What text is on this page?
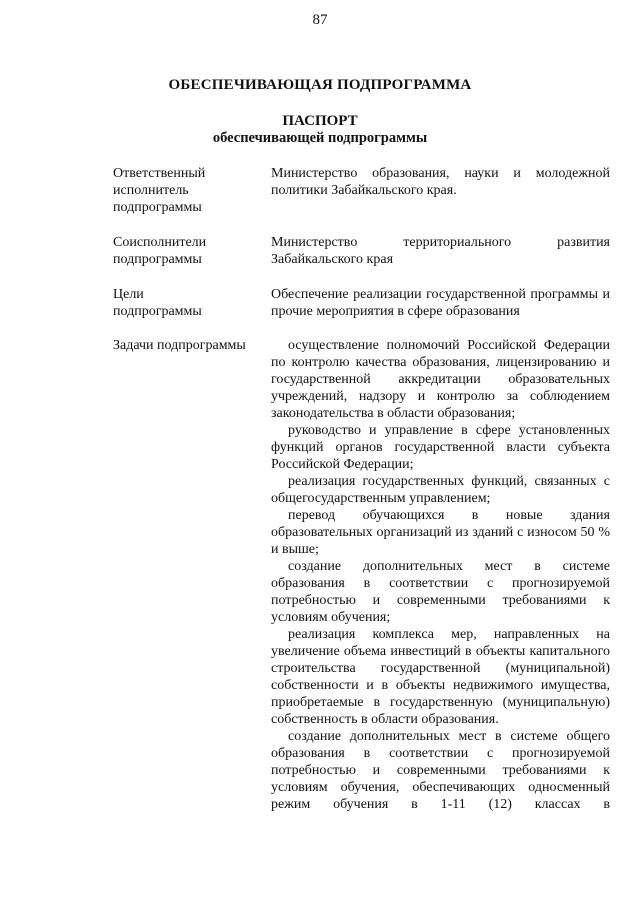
87
ОБЕСПЕЧИВАЮЩАЯ ПОДПРОГРАММА
ПАСПОРТ
обеспечивающей подпрограммы
Ответственный исполнитель подпрограммы
Министерство образования, науки и молодежной политики Забайкальского края.
Соисполнители подпрограммы
Министерство территориального развития Забайкальского края
Цели подпрограммы
Обеспечение реализации государственной программы и прочие мероприятия в сфере образования
Задачи подпрограммы	осуществление полномочий Российской Федерации по контролю качества образования, лицензированию и государственной аккредитации образовательных учреждений, надзору и контролю за соблюдением законодательства в области образования;

руководство и управление в сфере установленных функций органов государственной власти субъекта Российской Федерации;

реализация государственных функций, связанных с общегосударственным управлением;

перевод обучающихся в новые здания образовательных организаций из зданий с износом 50 % и выше;

создание дополнительных мест в системе образования в соответствии с прогнозируемой потребностью и современными требованиями к условиям обучения;

реализация комплекса мер, направленных на увеличение объема инвестиций в объекты капитального строительства государственной (муниципальной) собственности и в объекты недвижимого имущества, приобретаемые в государственную (муниципальную) собственность в области образования.

создание дополнительных мест в системе общего образования в соответствии с прогнозируемой потребностью и современными требованиями к условиям обучения, обеспечивающих односменный режим обучения в 1-11 (12) классах в
